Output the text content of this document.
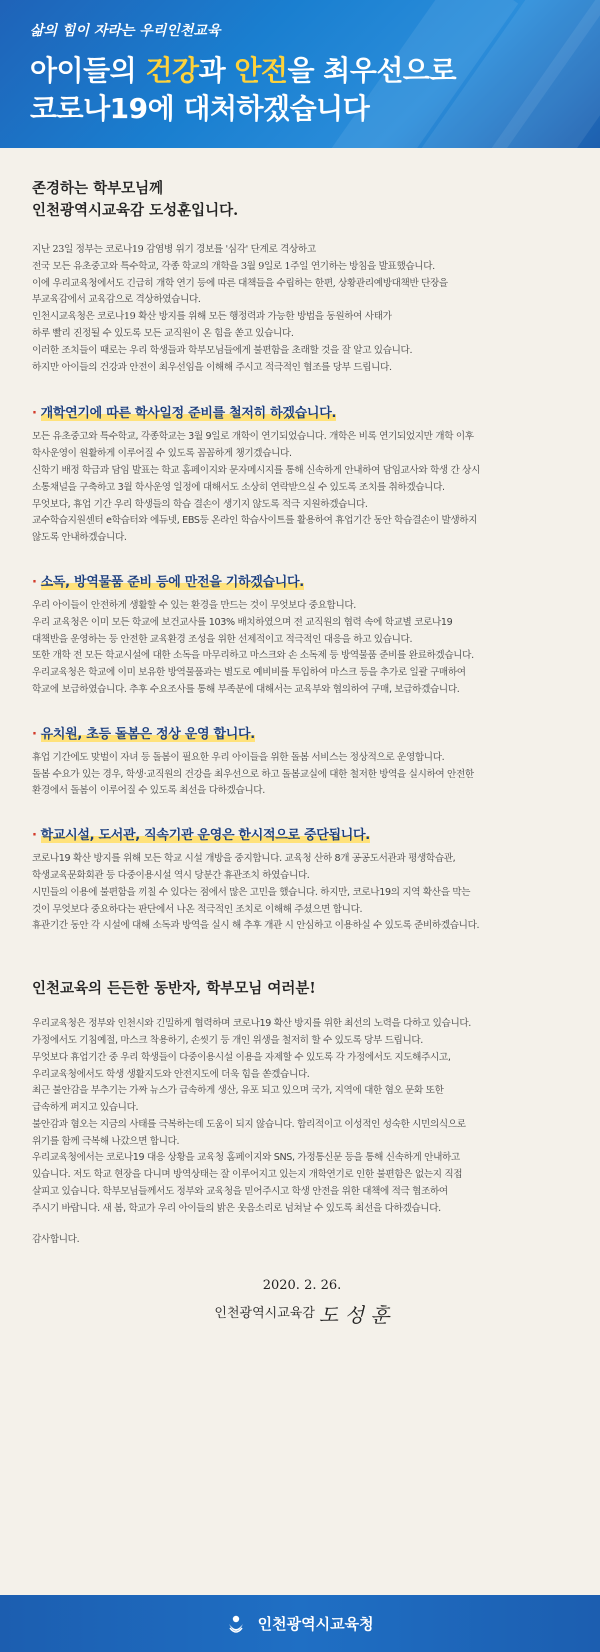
삶의 힘이 자라는 우리인천교육
아이들의 건강과 안전을 최우선으로
코로나19에 대처하겠습니다
존경하는 학부모님께
인천광역시교육감 도성훈입니다.
지난 23일 정부는 코로나19 감염병 위기 경보를 '심각' 단계로 격상하고
전국 모든 유초중고와 특수학교, 각종 학교의 개학을 3월 9일로 1주일 연기하는 방침을 발표했습니다.
이에 우리교육청에서도 긴급히 개학 연기 등에 따른 대책들을 수립하는 한편, 상황관리예방대책반 단장을
부교육감에서 교육감으로 격상하였습니다.
인천시교육청은 코로나19 확산 방지를 위해 모든 행정력과 가능한 방법을 동원하여 사태가
하루 빨리 진정될 수 있도록 모든 교직원이 온 힘을 쏟고 있습니다.
이러한 조치들이 때로는 우리 학생들과 학부모님들에게 불편함을 초래할 것을 잘 알고 있습니다.
하지만 아이들의 건강과 안전이 최우선임을 이해해 주시고 적극적인 협조를 당부 드립니다.
· 개학연기에 따른 학사일정 준비를 철저히 하겠습니다.
모든 유초중고와 특수학교, 각종학교는 3월 9일로 개학이 연기되었습니다. 개학은 비록 연기되었지만 개학 이후
학사운영이 원활하게 이루어질 수 있도록 꼼꼼하게 챙기겠습니다.
신학기 배정 학급과 담임 발표는 학교 홈페이지와 문자메시지를 통해 신속하게 안내하여 담임교사와 학생 간 상시
소통채널을 구축하고 3월 학사운영 일정에 대해서도 소상히 연락받으실 수 있도록 조치를 취하겠습니다.
무엇보다, 휴업 기간 우리 학생들의 학습 결손이 생기지 않도록 적극 지원하겠습니다.
교수학습지원센터 e학습터와 에듀넷, EBS등 온라인 학습사이트를 활용하여 휴업기간 동안 학습결손이 발생하지
않도록 안내하겠습니다.
· 소독, 방역물품 준비 등에 만전을 기하겠습니다.
우리 아이들이 안전하게 생활할 수 있는 환경을 만드는 것이 무엇보다 중요합니다.
우리 교육청은 이미 모든 학교에 보건교사를 103% 배치하였으며 전 교직원의 협력 속에 학교별 코로나19
대책반을 운영하는 등 안전한 교육환경 조성을 위한 선제적이고 적극적인 대응을 하고 있습니다.
또한 개학 전 모든 학교시설에 대한 소독을 마무리하고 마스크와 손 소독제 등 방역물품 준비를 완료하겠습니다.
우리교육청은 학교에 이미 보유한 방역물품과는 별도로 예비비를 투입하여 마스크 등을 추가로 일괄 구매하여
학교에 보급하였습니다. 추후 수요조사를 통해 부족분에 대해서는 교육부와 협의하여 구매, 보급하겠습니다.
· 유치원, 초등 돌봄은 정상 운영 합니다.
휴업 기간에도 맞벌이 자녀 등 돌봄이 필요한 우리 아이들을 위한 돌봄 서비스는 정상적으로 운영합니다.
돌봄 수요가 있는 경우, 학생·교직원의 건강을 최우선으로 하고 돌봄교실에 대한 철저한 방역을 실시하여 안전한
환경에서 돌봄이 이루어질 수 있도록 최선을 다하겠습니다.
· 학교시설, 도서관, 직속기관 운영은 한시적으로 중단됩니다.
코로나19 확산 방지를 위해 모든 학교 시설 개방을 중지합니다. 교육청 산하 8개 공공도서관과 평생학습관,
학생교육문화회관 등 다중이용시설 역시 당분간 휴관조치 하였습니다.
시민들의 이용에 불편함을 끼칠 수 있다는 점에서 많은 고민을 했습니다. 하지만, 코로나19의 지역 확산을 막는
것이 무엇보다 중요하다는 판단에서 나온 적극적인 조치로 이해해 주셨으면 합니다.
휴관기간 동안 각 시설에 대해 소독과 방역을 실시 해 추후 개관 시 안심하고 이용하실 수 있도록 준비하겠습니다.
인천교육의 든든한 동반자, 학부모님 여러분!
우리교육청은 정부와 인천시와 긴밀하게 협력하며 코로나19 확산 방지를 위한 최선의 노력을 다하고 있습니다.
가정에서도 기침예절, 마스크 착용하기, 손씻기 등 개인 위생을 철저히 할 수 있도록 당부 드립니다.
무엇보다 휴업기간 중 우리 학생들이 다중이용시설 이용을 자제할 수 있도록 각 가정에서도 지도해주시고,
우리교육청에서도 학생 생활지도와 안전지도에 더욱 힘을 쏟겠습니다.
최근 불안감을 부추기는 가짜 뉴스가 급속하게 생산, 유포 되고 있으며 국가, 지역에 대한 혐오 문화 또한
급속하게 퍼지고 있습니다.
불안감과 혐오는 지금의 사태를 극복하는데 도움이 되지 않습니다. 합리적이고 이성적인 성숙한 시민의식으로
위기를 함께 극복해 나갔으면 합니다.
우리교육청에서는 코로나19 대응 상황을 교육청 홈페이지와 SNS, 가정통신문 등을 통해 신속하게 안내하고
있습니다. 저도 학교 현장을 다니며 방역상태는 잘 이루어지고 있는지 개학연기로 인한 불편함은 없는지 직접
살피고 있습니다. 학부모님들께서도 정부와 교육청을 믿어주시고 학생 안전을 위한 대책에 적극 협조하여
주시기 바랍니다. 새 봄, 학교가 우리 아이들의 밝은 웃음소리로 넘쳐날 수 있도록 최선을 다하겠습니다.
감사합니다.
2020. 2. 26.
인천광역시교육감 도 성 훈
인천광역시교육청
